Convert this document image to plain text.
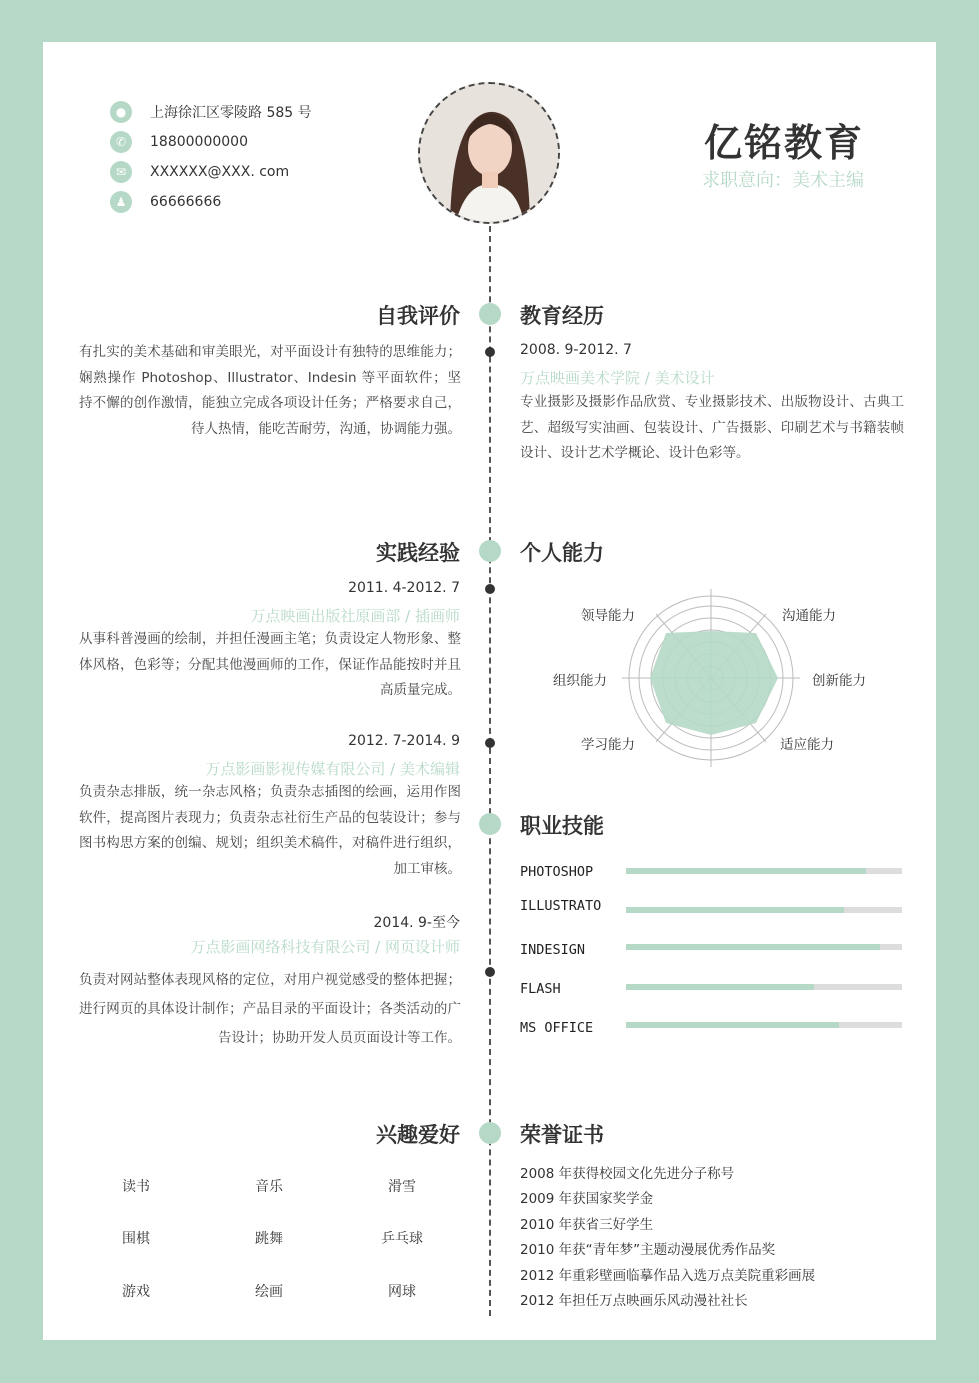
●	上海徐汇区零陵路 585 号
✆	18800000000
✉	XXXXXX@XXX. com
♟	66666666
亿铭教育
求职意向：美术主编
自我评价
有扎实的美术基础和审美眼光，对平面设计有独特的思维能力；娴熟操作 Photoshop、Illustrator、Indesin 等平面软件；坚持不懈的创作激情，能独立完成各项设计任务；严格要求自己，待人热情，能吃苦耐劳，沟通，协调能力强。
教育经历
2008. 9-2012. 7
万点映画美术学院 / 美术设计
专业摄影及摄影作品欣赏、专业摄影技术、出版物设计、古典工艺、超级写实油画、包装设计、广告摄影、印刷艺术与书籍装帧设计、设计艺术学概论、设计色彩等。
实践经验
2011. 4-2012. 7
万点映画出版社原画部 / 插画师
从事科普漫画的绘制，并担任漫画主笔；负责设定人物形象、整体风格，色彩等；分配其他漫画师的工作，保证作品能按时并且高质量完成。
2012. 7-2014. 9
万点影画影视传媒有限公司 / 美术编辑
负责杂志排版，统一杂志风格；负责杂志插图的绘画，运用作图软件，提高图片表现力；负责杂志社衍生产品的包装设计；参与图书构思方案的创编、规划；组织美术稿件，对稿件进行组织，加工审核。
2014. 9-至今
万点影画网络科技有限公司 / 网页设计师
负责对网站整体表现风格的定位，对用户视觉感受的整体把握；进行网页的具体设计制作；产品目录的平面设计；各类活动的广告设计；协助开发人员页面设计等工作。
个人能力
领导能力	沟通能力
组织能力	创新能力
学习能力	适应能力
职业技能
兴趣爱好
读书	音乐	滑雪
围棋	跳舞	乒乓球
游戏	绘画	网球
荣誉证书
2008 年获得校园文化先进分子称号
2009 年获国家奖学金
2010 年获省三好学生
2010 年获“青年梦”主题动漫展优秀作品奖
2012 年重彩壁画临摹作品入选万点美院重彩画展
2012 年担任万点映画乐风动漫社社长
PHOTOSHOP
ILLUSTRATO
INDESIGN
FLASH
MS OFFICE
